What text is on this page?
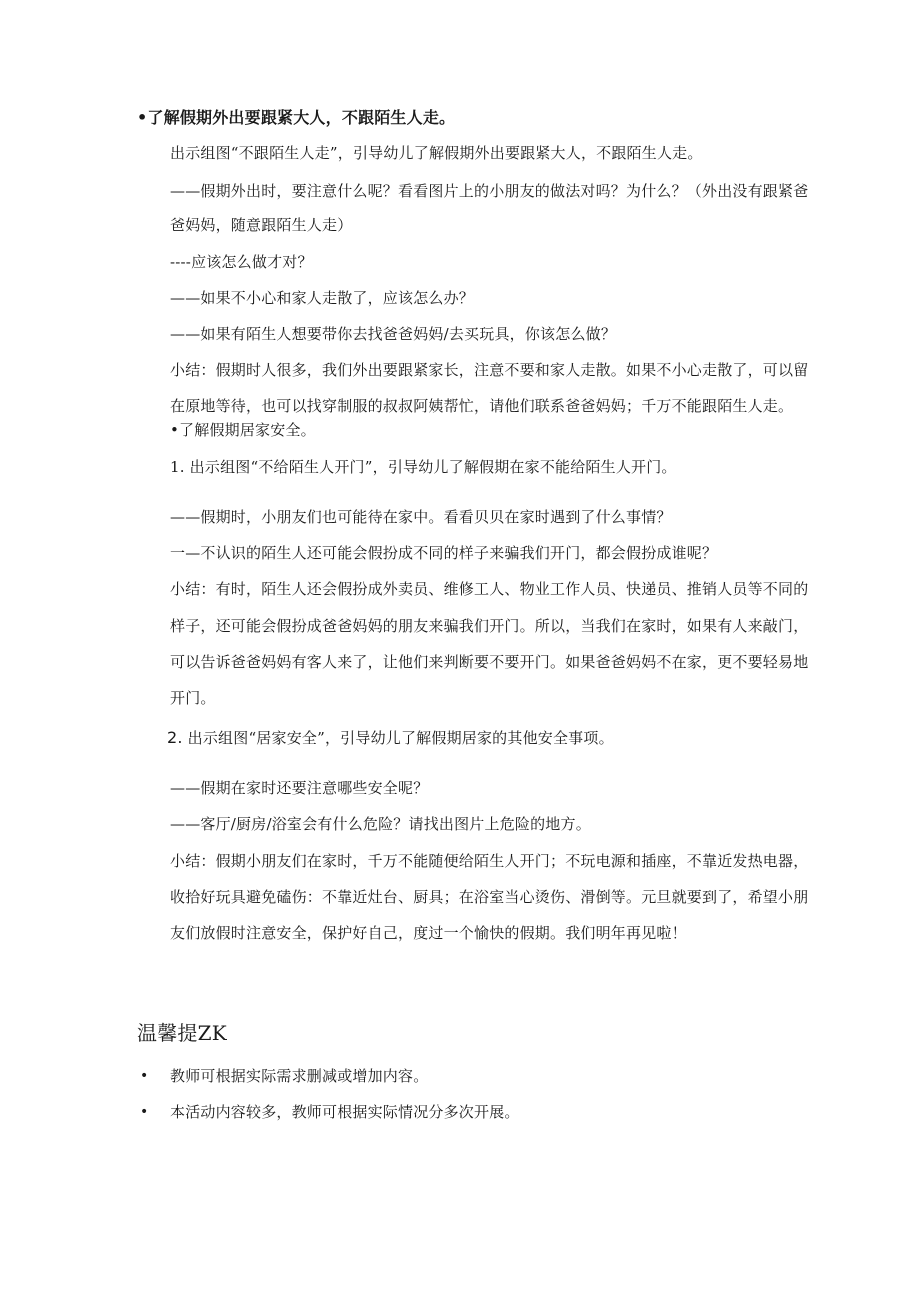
•了解假期外出要跟紧大人，不跟陌生人走。
出示组图“不跟陌生人走”，引导幼儿了解假期外出要跟紧大人，不跟陌生人走。
——假期外出时，要注意什么呢？看看图片上的小朋友的做法对吗？为什么？（外出没有跟紧爸
爸妈妈，随意跟陌生人走）
----应该怎么做才对？
——如果不小心和家人走散了，应该怎么办？
——如果有陌生人想要带你去找爸爸妈妈/去买玩具，你该怎么做？
小结：假期时人很多，我们外出要跟紧家长，注意不要和家人走散。如果不小心走散了，可以留
在原地等待，也可以找穿制服的叔叔阿姨帮忙，请他们联系爸爸妈妈；千万不能跟陌生人走。
•了解假期居家安全。
1. 出示组图“不给陌生人开门”，引导幼儿了解假期在家不能给陌生人开门。
——假期时，小朋友们也可能待在家中。看看贝贝在家时遇到了什么事情？
一—不认识的陌生人还可能会假扮成不同的样子来骗我们开门，都会假扮成谁呢？
小结：有时，陌生人还会假扮成外卖员、维修工人、物业工作人员、快递员、推销人员等不同的
样子，还可能会假扮成爸爸妈妈的朋友来骗我们开门。所以，当我们在家时，如果有人来敲门，
可以告诉爸爸妈妈有客人来了，让他们来判断要不要开门。如果爸爸妈妈不在家，更不要轻易地
开门。
2. 出示组图“居家安全”，引导幼儿了解假期居家的其他安全事项。
——假期在家时还要注意哪些安全呢？
——客厅/厨房/浴室会有什么危险？请找出图片上危险的地方。
小结：假期小朋友们在家时，千万不能随便给陌生人开门；不玩电源和插座，不靠近发热电器，
收拾好玩具避免磕伤：不靠近灶台、厨具；在浴室当心烫伤、滑倒等。元旦就要到了，希望小朋
友们放假时注意安全，保护好自己，度过一个愉快的假期。我们明年再见啦！
温馨提ZK
• 教师可根据实际需求删减或增加内容。
• 本活动内容较多，教师可根据实际情况分多次开展。
